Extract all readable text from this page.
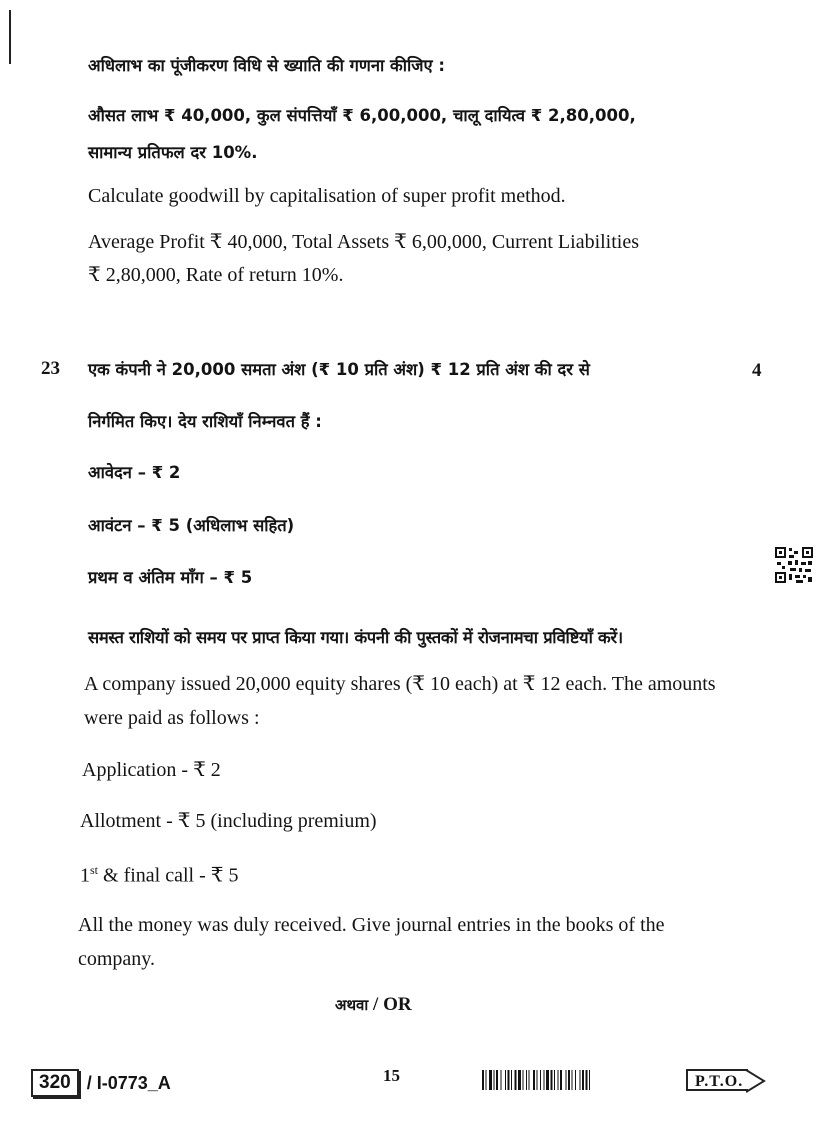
अधिलाभ का पूंजीकरण विधि से ख्याति की गणना कीजिए :
औसत लाभ ₹ 40,000, कुल संपत्तियाँ ₹ 6,00,000, चालू दायित्व ₹ 2,80,000,
सामान्य प्रतिफल दर 10%.
Calculate goodwill by capitalisation of super profit method.
Average Profit ₹ 40,000, Total Assets ₹ 6,00,000, Current Liabilities
₹ 2,80,000, Rate of return 10%.
23	4
एक कंपनी ने 20,000 समता अंश (₹ 10 प्रति अंश) ₹ 12 प्रति अंश की दर से
निर्गमित किए। देय राशियाँ निम्नवत हैं :
आवेदन – ₹ 2
आवंटन – ₹ 5 (अधिलाभ सहित)
प्रथम व अंतिम माँग – ₹ 5
समस्त राशियों को समय पर प्राप्त किया गया। कंपनी की पुस्तकों में रोजनामचा प्रविष्टियाँ करें।
A company issued 20,000 equity shares (₹ 10 each) at ₹ 12 each. The amounts
were paid as follows :
Application - ₹ 2
Allotment - ₹ 5 (including premium)
1st & final call - ₹ 5
All the money was duly received. Give journal entries in the books of the
company.
अथवा / OR
320 / I-0773_A	15	P.T.O.
